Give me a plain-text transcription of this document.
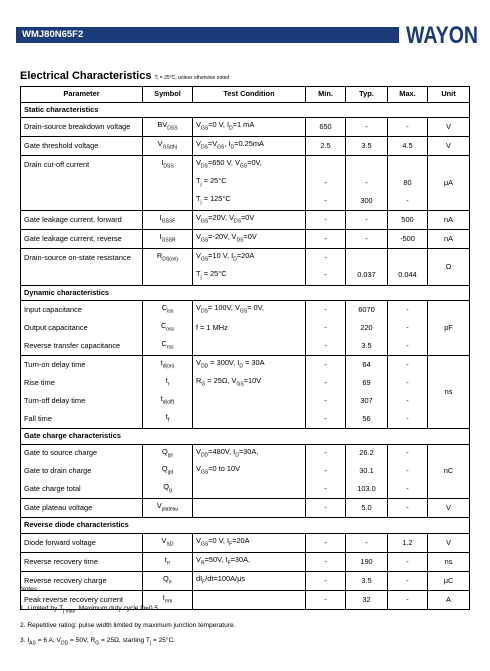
WMJ80N65F2	WAYON
Electrical Characteristics Tⱼ = 25°C, unless otherwise noted
Parameter	Symbol	Test Condition	Min.	Typ.	Max.	Unit
Static characteristics						
Drain-source breakdown voltage	$BV_{DSS}$	$V_{GS}=0$ V, $I_D=1$ mA	650	-	-	V
Gate threshold voltage	$V_{GS(th)}$	$V_{DS}=V_{GS}$, $I_D=0.25mA$	2.5	3.5	4.5	V
Drain cut-off current	$I_{DSS}$	$V_{DS}=650$ V, $V_{GS}=0V$,				μA
		$T_j = 25^\circ C$	-	-	80	
		$T_j = 125^\circ C$	-	300	-	
Gate leakage current, forward	$I_{GSSF}$	$V_{GS}=20V$, $V_{DS}=0V$	-	-	500	nA
Gate leakage current, reverse	$I_{GSSR}$	$V_{GS}=-20V$, $V_{DS}=0V$	-	-	-500	nA
Drain-source on-state resistance	$R_{DS(on)}$	$V_{GS}=10$ V, $I_D=20A$	-			Ω
		$T_j = 25^\circ C$	-	0.037	0.044	
Dynamic characteristics						
Input capacitance	$C_{iss}$	$V_{DS}= 100V$, $V_{GS}= 0V$,	-	6070	-	pF
Output capacitance	$C_{oss}$	f = 1 MHz	-	220	-	
Reverse transfer capacitance	$C_{rss}$		-	3.5	-	
Turn-on delay time	$t_{d(on)}$	$V_{DD} = 300V$, $I_D = 30A$	-	64	-	ns
Rise time	$t_r$	$R_G = 25\Omega$, $V_{GS}=10V$	-	69	-	
Turn-off delay time	$t_{d(off)}$		-	307	-	
Fall time	$t_f$		-	56	-	
Gate charge characteristics						
Gate to source charge	$Q_{gs}$	$V_{DD}=480V$, $I_D=30A$,	-	26.2	-	nC
Gate to drain charge	$Q_{gd}$	$V_{GS}=0$ to 10V	-	30.1	-	
Gate charge total	$Q_g$		-	103.0	-	
Gate plateau voltage	$V_{plateau}$		-	5.0	-	V
Reverse diode characteristics						
Diode forward voltage	$V_{SD}$	$V_{GS}=0$ V, $I_F=20A$	-	-	1.2	V
Reverse recovery time	$t_{rr}$	$V_R=50V$, $I_F=30A$,	-	190	-	ns
Reverse recovery charge	$Q_{rr}$	$dI_F/dt=100A/\mu s$	-	3.5	-	μC
Peak reverse recovery current	$I_{rrm}$		-	32	-	A
Notes:
1. Limited by $T_{j max}$. Maximum duty cycle D=0.5.
2. Repetitive rating: pulse width limited by maximum junction temperature.
3. $I_{AS} = 6$ A, $V_{DD} = 50V$, $R_G = 25\Omega$, starting $T_j = 25^\circ C$.
